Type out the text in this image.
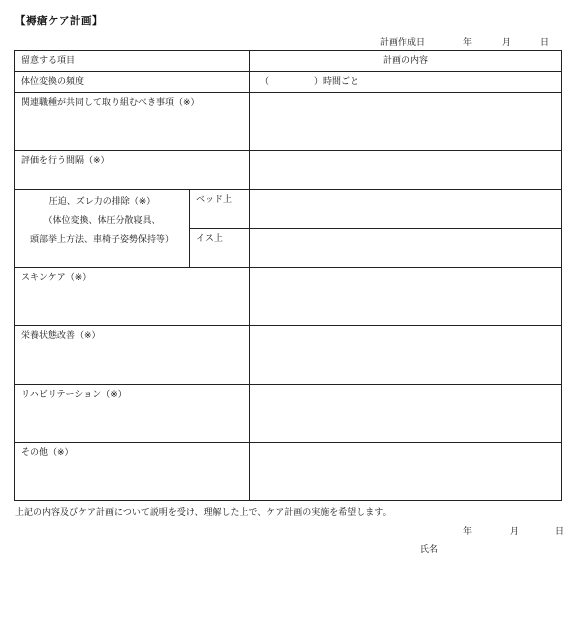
【褥瘡ケア計画】
計画作成日	年	月	日
留意する項目		計画の内容
体位変換の頻度		（　　　　　）時間ごと
関連職種が共同して取り組むべき事項（※）		
評価を行う間隔（※）		

圧迫、ズレ力の排除（※）
（体位変換、体圧分散寝具、
頭部挙上方法、車椅子姿勢保持等）	ベッド上	
	イス上	
スキンケア（※）		
栄養状態改善（※）		
リハビリテーション（※）		
その他（※）		
上記の内容及びケア計画について説明を受け、理解した上で、ケア計画の実施を希望します。
年	月	日
氏名
